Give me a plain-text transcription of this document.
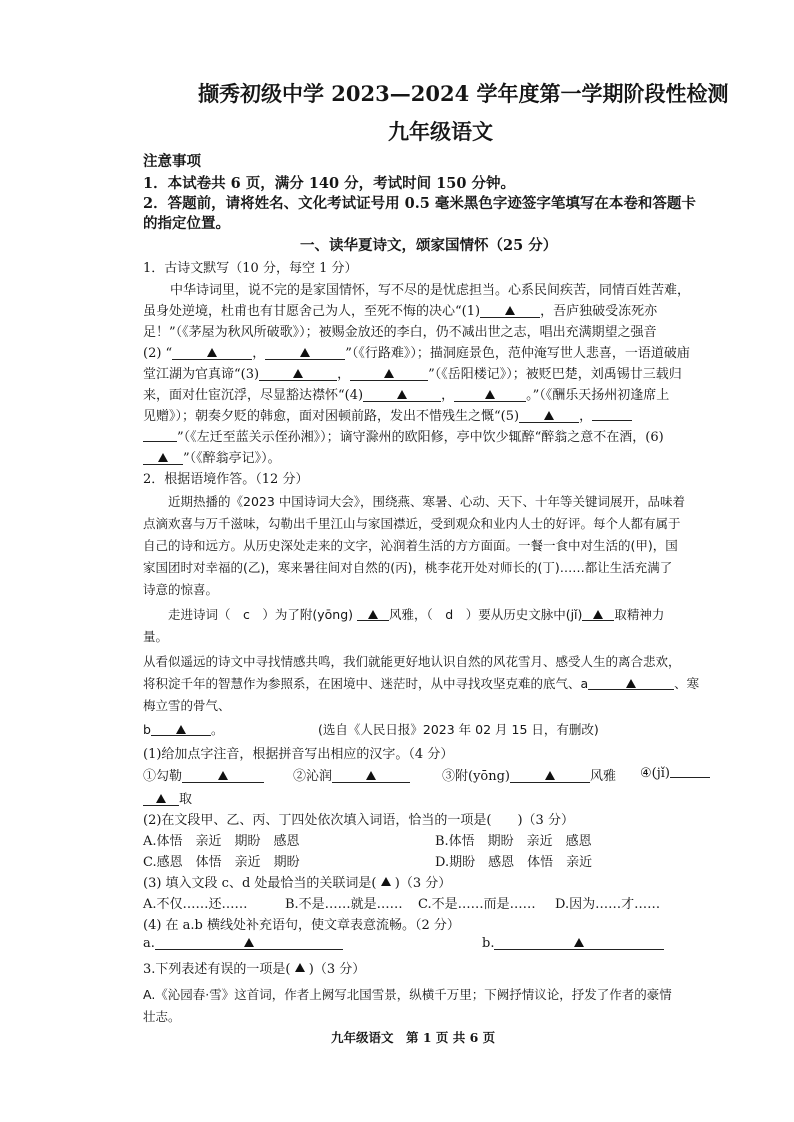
撷秀初级中学 2023—2024 学年度第一学期阶段性检测
九年级语文
注意事项
1．本试卷共 6 页，满分 140 分，考试时间 150 分钟。
2．答题前，请将姓名、文化考试证号用 0.5 毫米黑色字迹签字笔填写在本卷和答题卡
的指定位置。
一、读华夏诗文，颂家国情怀（25 分）
1．古诗文默写（10 分，每空 1 分）
中华诗词里，说不完的是家国情怀，写不尽的是忧虑担当。心系民间疾苦，同情百姓苦难，
虽身处逆境，杜甫也有甘愿舍己为人，至死不悔的决心“(1)	，吾庐独破受冻死亦
足！”（《茅屋为秋风所破歌》）；被赐金放还的李白，仍不减出世之志，唱出充满期望之强音
(2) “	，	”（《行路难》）；描洞庭景色，范仲淹写世人悲喜，一语道破庙
堂江湖为官真谛“(3)	，	”（《岳阳楼记》）；被贬巴楚，刘禹锡廿三载归
来，面对仕宦沉浮，尽显豁达襟怀“(4)	，	。”（《酬乐天扬州初逢席上
见赠》）；朝奏夕贬的韩愈，面对困顿前路，发出不惜残生之慨“(5)	，
”（《左迁至蓝关示侄孙湘》）；谪守滁州的欧阳修，亭中饮少辄醉“醉翁之意不在酒，(6)
”（《醉翁亭记》）。
2．根据语境作答。（12 分）
近期热播的《2023 中国诗词大会》，围绕燕、寒暑、心动、天下、十年等关键词展开，品味着
点滴欢喜与万千滋味，勾勒出千里江山与家国襟近，受到观众和业内人士的好评。每个人都有属于
自己的诗和远方。从历史深处走来的文字，沁润着生活的方方面面。一餐一食中对生活的(甲)，国
家国团时对幸福的(乙)，寒来暑往间对自然的(丙)，桃李花开处对师长的(丁)……都让生活充满了
诗意的惊喜。
走进诗词（　c　）为了附(yōng)	风雅，（　d　）要从历史文脉中(jǐ)	取精神力
量。
从看似遥远的诗文中寻找情感共鸣，我们就能更好地认识自然的风花雪月、感受人生的离合悲欢，
将积淀千年的智慧作为参照系，在困境中、迷茫时，从中寻找攻坚克难的底气、a	、寒
梅立雪的骨气、
b	。	(选自《人民日报》2023 年 02 月 15 日，有删改)
(1)给加点字注音，根据拼音写出相应的汉字。（4 分）
①勾勒	②沁润	③附(yōng)	风雅 ④(jǐ)
取
(2)在文段甲、乙、丙、丁四处依次填入词语，恰当的一项是(　　)（3 分）
A.体悟　亲近　期盼　感恩	B.体悟　期盼　亲近　感恩
C.感恩　体悟　亲近　期盼	D.期盼　感恩　体悟　亲近
(3) 填入文段 c、d 处最恰当的关联词是( )（3 分）
A.不仅……还……	B.不是……就是…… C.不是……而是…… D.因为……才……
(4) 在 a.b 横线处补充语句，使文章表意流畅。（2 分）
a.	b.
3.下列表述有误的一项是( )（3 分）
A.《沁园春·雪》这首词，作者上阙写北国雪景，纵横千万里；下阙抒情议论，抒发了作者的豪情
壮志。
九年级语文　第 1 页 共 6 页
